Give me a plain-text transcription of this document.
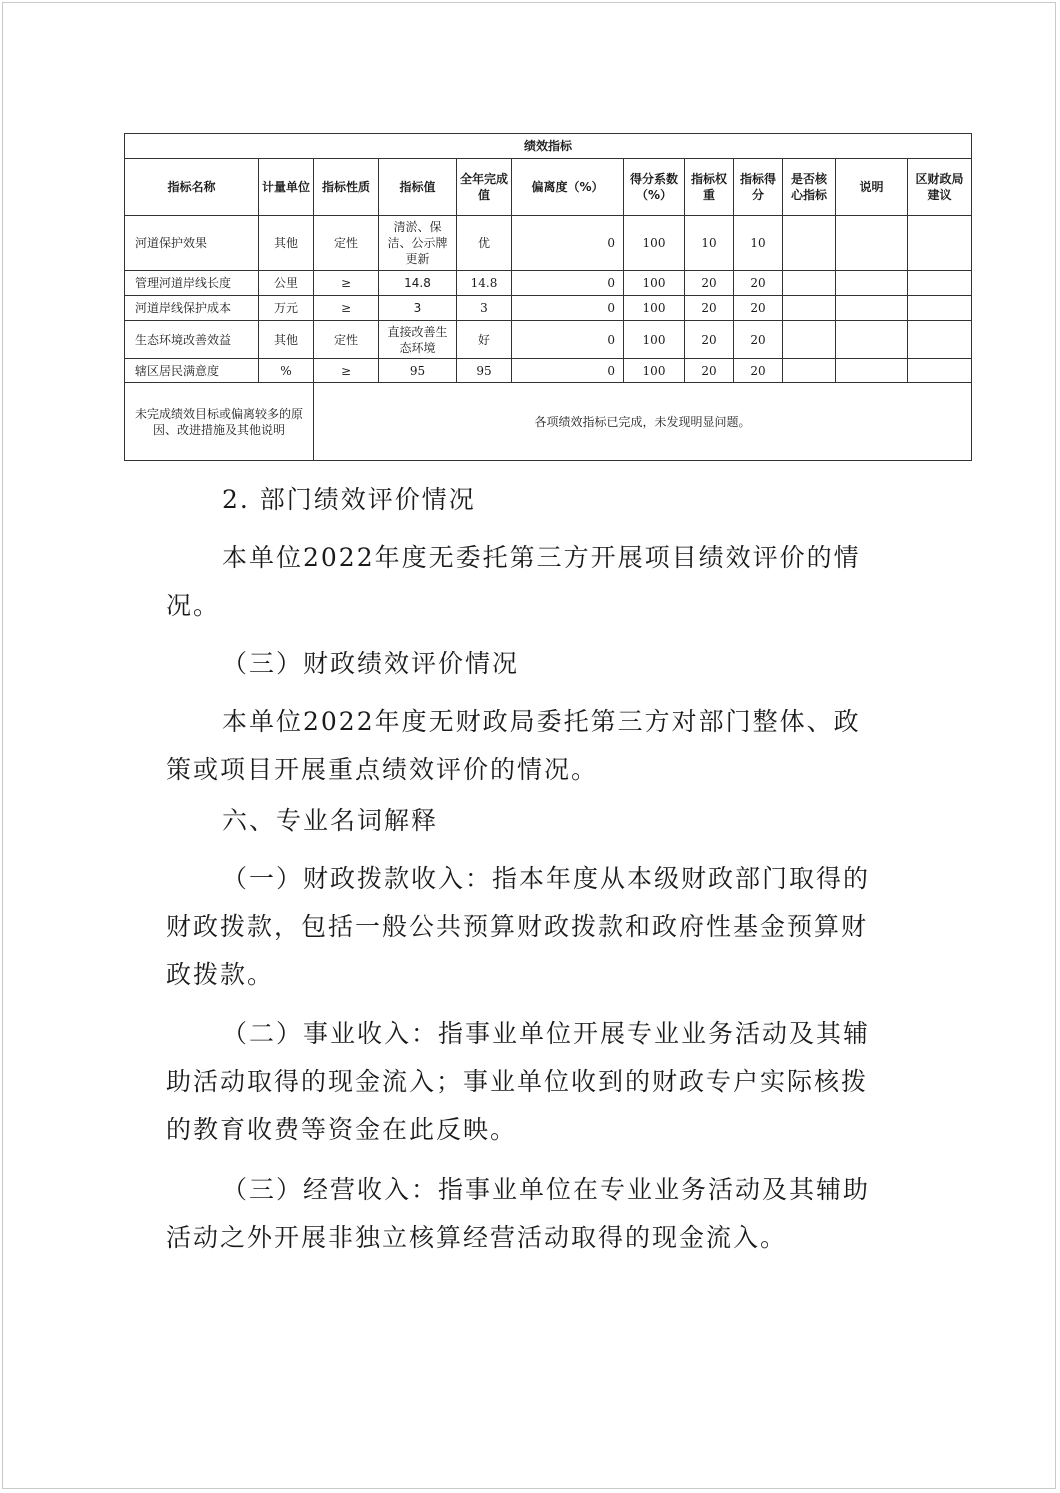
绩效指标											
指标名称	计量单位	指标性质	指标值	全年完成值	偏离度（%）	得分系数（%）	指标权重	指标得分	是否核心指标	说明	区财政局建议
河道保护效果	其他	定性	清淤、保洁、公示牌更新	优	0	100	10	10			
管理河道岸线长度	公里	≥	14.8	14.8	0	100	20	20			
河道岸线保护成本	万元	≥	3	3	0	100	20	20			
生态环境改善效益	其他	定性	直接改善生态环境	好	0	100	20	20			
辖区居民满意度	%	≥	95	95	0	100	20	20			
未完成绩效目标或偏离较多的原因、改进措施及其他说明		各项绩效指标已完成，未发现明显问题。									

2. 部门绩效评价情况

本单位2022年度无委托第三方开展项目绩效评价的情况。

（三）财政绩效评价情况

本单位2022年度无财政局委托第三方对部门整体、政策或项目开展重点绩效评价的情况。

六、专业名词解释

（一）财政拨款收入：指本年度从本级财政部门取得的财政拨款，包括一般公共预算财政拨款和政府性基金预算财政拨款。

（二）事业收入：指事业单位开展专业业务活动及其辅助活动取得的现金流入；事业单位收到的财政专户实际核拨的教育收费等资金在此反映。

（三）经营收入：指事业单位在专业业务活动及其辅助活动之外开展非独立核算经营活动取得的现金流入。
